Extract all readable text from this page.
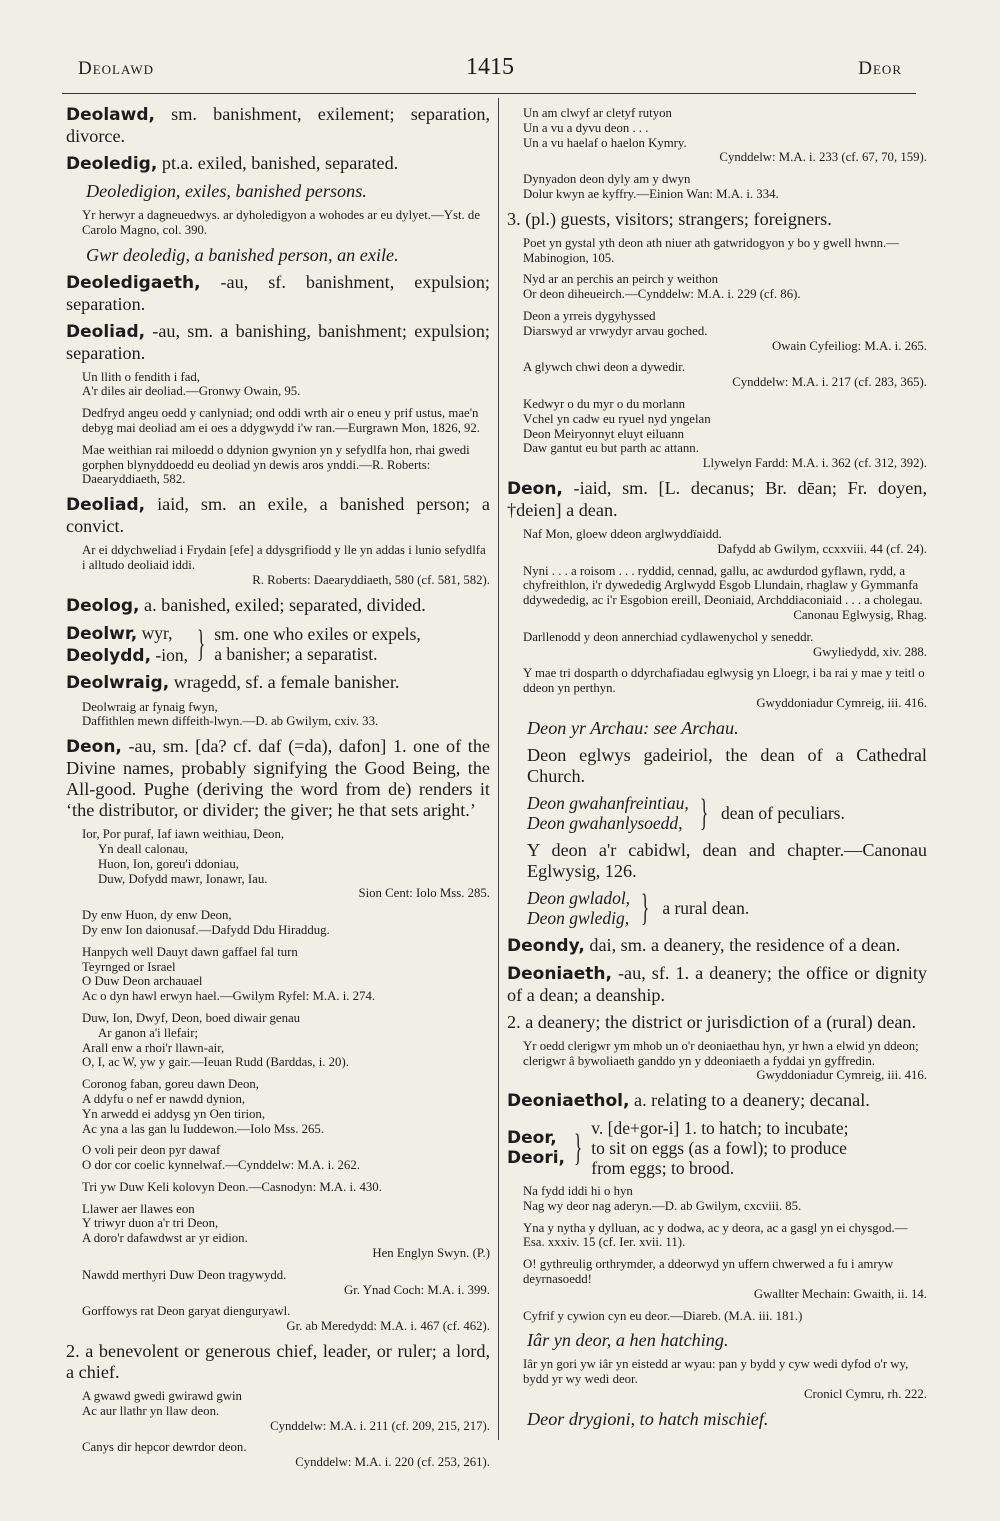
Deolawd	1415	Deor
Deolawd, sm. banishment, exilement; separation, divorce.
Deoledig, pt.a. exiled, banished, separated.
Deoledigion, exiles, banished persons.
Yr herwyr a dagneuedwys. ar dyholedigyon a wohodes ar eu dylyet.—Yst. de Carolo Magno, col. 390.
Gwr deoledig, a banished person, an exile.
Deoledigaeth, -au, sf. banishment, expulsion; separation.
Deoliad, -au, sm. a banishing, banishment; expulsion; separation.
Un llith o fendith i fad,
A'r diles air deoliad.—Gronwy Owain, 95.
Dedfryd angeu oedd y canlyniad; ond oddi wrth air o eneu y prif ustus, mae'n debyg mai deoliad am ei oes a ddygwydd i'w ran.—Eurgrawn Mon, 1826, 92.
Mae weithian rai miloedd o ddynion gwynion yn y sefydlfa hon, rhai gwedi gorphen blynyddoedd eu deoliad yn dewis aros ynddi.—R. Roberts: Daearyddiaeth, 582.
Deoliad, iaid, sm. an exile, a banished person; a convict.
Ar ei ddychweliad i Frydain [efe] a ddysgrifiodd y lle yn addas i lunio sefydlfa i alltudo deoliaid iddi.
R. Roberts: Daearyddiaeth, 580 (cf. 581, 582).
Deolog, a. banished, exiled; separated, divided.
Deolwr, wyr,
Deolydd, -ion, } sm. one who exiles or expels,
a banisher; a separatist.
Deolwraig, wragedd, sf. a female banisher.
Deolwraig ar fynaig fwyn,
Daffithlen mewn diffeith-lwyn.—D. ab Gwilym, cxiv. 33.
Deon, -au, sm. [da? cf. daf (=da), dafon] 1. one of the Divine names, probably signifying the Good Being, the All-good. Pughe (deriving the word from de) renders it ‘the distributor, or divider; the giver; he that sets aright.’
Ior, Por puraf, Iaf iawn weithiau, Deon,
Yn deall calonau,
Huon, Ion, goreu'i ddoniau,
Duw, Dofydd mawr, Ionawr, Iau.
Sion Cent: Iolo Mss. 285.
Dy enw Huon, dy enw Deon,
Dy enw Ion daionusaf.—Dafydd Ddu Hiraddug.
Hanpych well Dauyt dawn gaffael fal turn
Teyrnged or Israel
O Duw Deon archauael
Ac o dyn hawl erwyn hael.—Gwilym Ryfel: M.A. i. 274.
Duw, Ion, Dwyf, Deon, boed diwair genau
Ar ganon a'i llefair;
Arall enw a rhoi'r llawn-air,
O, I, ac W, yw y gair.—Ieuan Rudd (Barddas, i. 20).
Coronog faban, goreu dawn Deon,
A ddyfu o nef er nawdd dynion,
Yn arwedd ei addysg yn Oen tirion,
Ac yna a las gan lu Iuddewon.—Iolo Mss. 265.
O voli peir deon pyr dawaf
O dor cor coelic kynnelwaf.—Cynddelw: M.A. i. 262.
Tri yw Duw Keli kolovyn Deon.—Casnodyn: M.A. i. 430.
Llawer aer llawes eon
Y triwyr duon a'r tri Deon,
A doro'r dafawdwst ar yr eidion.
Hen Englyn Swyn. (P.)
Nawdd merthyri Duw Deon tragywydd.
Gr. Ynad Coch: M.A. i. 399.
Gorffowys rat Deon garyat dienguryawl.
Gr. ab Meredydd: M.A. i. 467 (cf. 462).
2. a benevolent or generous chief, leader, or ruler; a lord, a chief.
A gwawd gwedi gwirawd gwin
Ac aur llathr yn llaw deon.
Cynddelw: M.A. i. 211 (cf. 209, 215, 217).
Canys dir hepcor dewrdor deon.
Cynddelw: M.A. i. 220 (cf. 253, 261).
Un am clwyf ar cletyf rutyon
Un a vu a dyvu deon . . .
Un a vu haelaf o haelon Kymry.
Cynddelw: M.A. i. 233 (cf. 67, 70, 159).
Dynyadon deon dyly am y dwyn
Dolur kwyn ae kyffry.—Einion Wan: M.A. i. 334.
3. (pl.) guests, visitors; strangers; foreigners.
Poet yn gystal yth deon ath niuer ath gatwridogyon y bo y gwell hwnn.—Mabinogion, 105.
Nyd ar an perchis an peirch y weithon
Or deon diheueirch.—Cynddelw: M.A. i. 229 (cf. 86).
Deon a yrreis dygyhyssed
Diarswyd ar vrwydyr arvau goched.
Owain Cyfeiliog: M.A. i. 265.
A glywch chwi deon a dywedir.
Cynddelw: M.A. i. 217 (cf. 283, 365).
Kedwyr o du myr o du morlann
Vchel yn cadw eu ryuel nyd yngelan
Deon Meiryonnyt eluyt eiluann
Daw gantut eu but parth ac attann.
Llywelyn Fardd: M.A. i. 362 (cf. 312, 392).
Deon, -iaid, sm. [L. decanus; Br. dēan; Fr. doyen, †deien] a dean.
Naf Mon, gloew ddeon arglwyddïaidd.
Dafydd ab Gwilym, ccxxviii. 44 (cf. 24).
Nyni . . . a roisom . . . ryddid, cennad, gallu, ac awdurdod gyflawn, rydd, a chyfreithlon, i'r dywededig Arglwydd Esgob Llundain, rhaglaw y Gymmanfa ddywededig, ac i'r Esgobion ereill, Deoniaid, Archddiaconiaid . . . a cholegau.
Canonau Eglwysig, Rhag.
Darllenodd y deon annerchiad cydlawenychol y seneddr.
Gwyliedydd, xiv. 288.
Y mae tri dosparth o ddyrchafiadau eglwysig yn Lloegr, i ba rai y mae y teitl o ddeon yn perthyn.
Gwyddoniadur Cymreig, iii. 416.
Deon yr Archau: see Archau.
Deon eglwys gadeiriol, the dean of a Cathedral Church.
Deon gwahanfreintiau,
Deon gwahanlysoedd, } dean of peculiars.
Y deon a'r cabidwl, dean and chapter.—Canonau Eglwysig, 126.
Deon gwladol,
Deon gwledig, } a rural dean.
Deondy, dai, sm. a deanery, the residence of a dean.
Deoniaeth, -au, sf. 1. a deanery; the office or dignity of a dean; a deanship.
2. a deanery; the district or jurisdiction of a (rural) dean.
Yr oedd clerigwr ym mhob un o'r deoniaethau hyn, yr hwn a elwid yn ddeon; clerigwr â bywoliaeth ganddo yn y ddeoniaeth a fyddai yn gyffredin.
Gwyddoniadur Cymreig, iii. 416.
Deoniaethol, a. relating to a deanery; decanal.
Deor,
Deori, } v. [de+gor-i] 1. to hatch; to incubate;
to sit on eggs (as a fowl); to produce
from eggs; to brood.
Na fydd iddi hi o hyn
Nag wy deor nag aderyn.—D. ab Gwilym, cxcviii. 85.
Yna y nytha y dylluan, ac y dodwa, ac y deora, ac a gasgl yn ei chysgod.—Esa. xxxiv. 15 (cf. Ier. xvii. 11).
O! gythreulig orthrymder, a ddeorwyd yn uffern chwerwed a fu i amryw deyrnasoedd!
Gwallter Mechain: Gwaith, ii. 14.
Cyfrif y cywion cyn eu deor.—Diareb. (M.A. iii. 181.)
Iâr yn deor, a hen hatching.
Iâr yn gori yw iâr yn eistedd ar wyau: pan y bydd y cyw wedi dyfod o'r wy, bydd yr wy wedi deor.
Cronicl Cymru, rh. 222.
Deor drygioni, to hatch mischief.
